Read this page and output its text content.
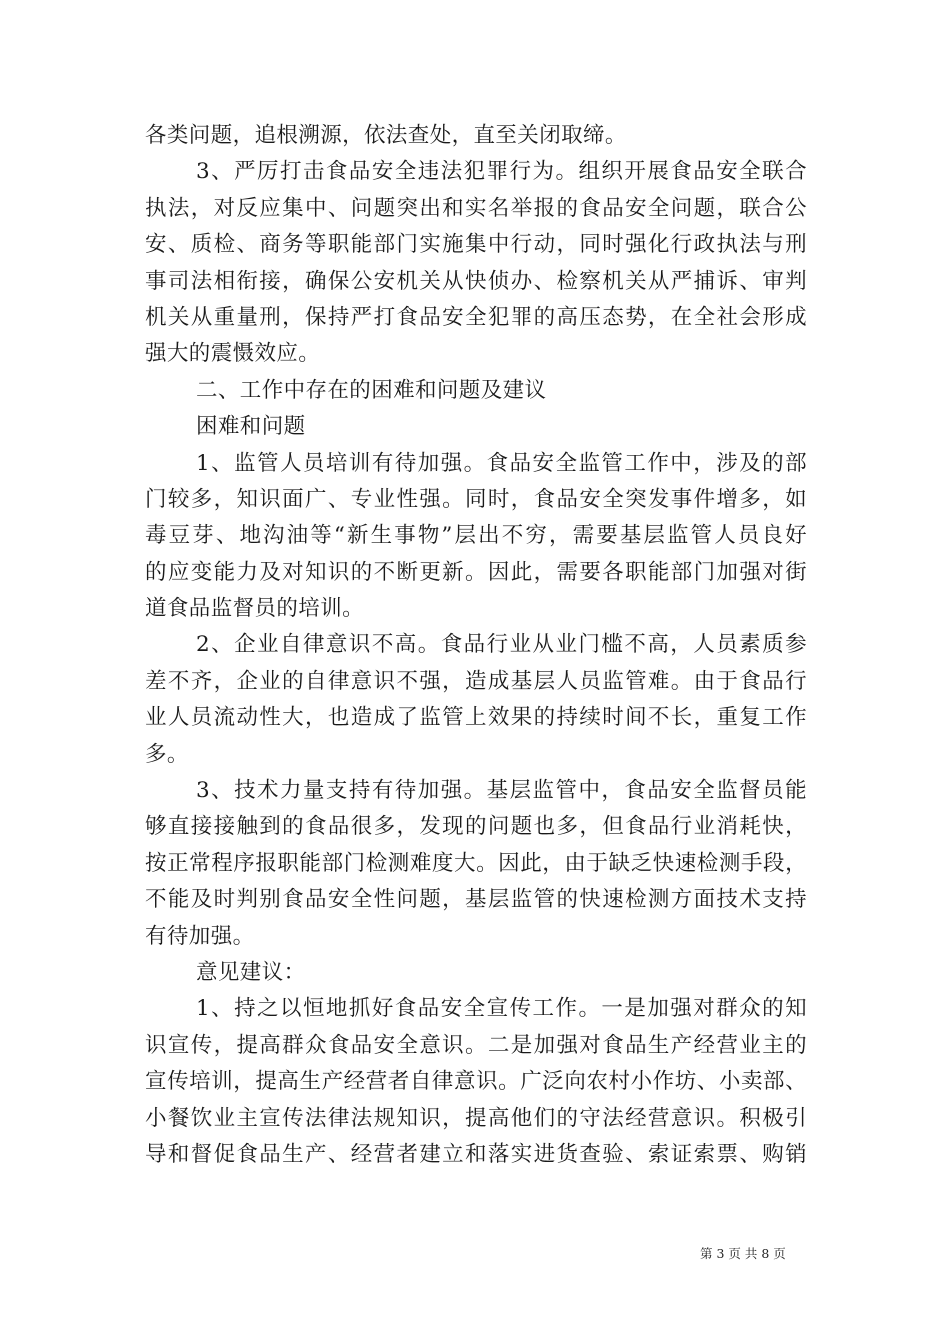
各类问题，追根溯源，依法查处，直至关闭取缔。
3、严厉打击食品安全违法犯罪行为。组织开展食品安全联合
执法，对反应集中、问题突出和实名举报的食品安全问题，联合公
安、质检、商务等职能部门实施集中行动，同时强化行政执法与刑
事司法相衔接，确保公安机关从快侦办、检察机关从严捕诉、审判
机关从重量刑，保持严打食品安全犯罪的高压态势，在全社会形成
强大的震慑效应。
二、工作中存在的困难和问题及建议
困难和问题
1、监管人员培训有待加强。食品安全监管工作中，涉及的部
门较多，知识面广、专业性强。同时，食品安全突发事件增多，如
毒豆芽、地沟油等“新生事物”层出不穷，需要基层监管人员良好
的应变能力及对知识的不断更新。因此，需要各职能部门加强对街
道食品监督员的培训。
2、企业自律意识不高。食品行业从业门槛不高，人员素质参
差不齐，企业的自律意识不强，造成基层人员监管难。由于食品行
业人员流动性大，也造成了监管上效果的持续时间不长，重复工作
多。
3、技术力量支持有待加强。基层监管中，食品安全监督员能
够直接接触到的食品很多，发现的问题也多，但食品行业消耗快，
按正常程序报职能部门检测难度大。因此，由于缺乏快速检测手段，
不能及时判别食品安全性问题，基层监管的快速检测方面技术支持
有待加强。
意见建议：
1、持之以恒地抓好食品安全宣传工作。一是加强对群众的知
识宣传，提高群众食品安全意识。二是加强对食品生产经营业主的
宣传培训，提高生产经营者自律意识。广泛向农村小作坊、小卖部、
小餐饮业主宣传法律法规知识，提高他们的守法经营意识。积极引
导和督促食品生产、经营者建立和落实进货查验、索证索票、购销
第 3 页 共 8 页
